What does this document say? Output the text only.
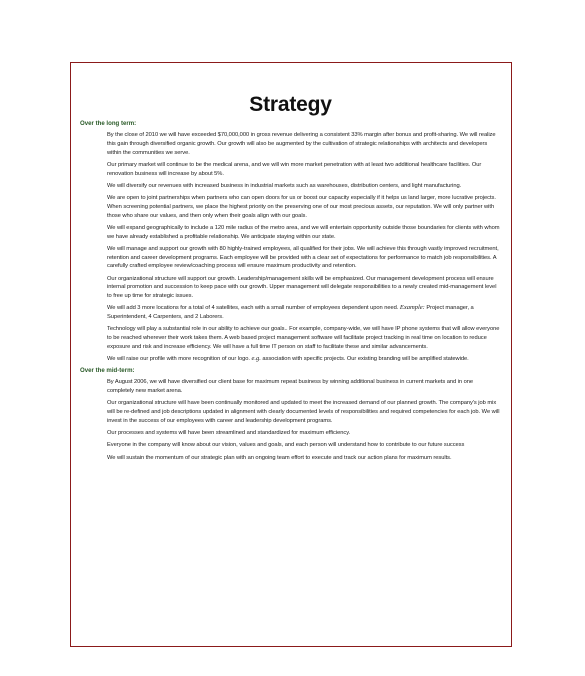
Strategy
Over the long term:

By the close of 2010 we will have exceeded $70,000,000 in gross revenue delivering a consistent 33% margin after bonus and profit-sharing. We will realize this gain through diversified organic growth. Our growth will also be augmented by the cultivation of strategic relationships with architects and developers within the communities we serve.

Our primary market will continue to be the medical arena, and we will win more market penetration with at least two additional healthcare facilities. Our renovation business will increase by about 5%.

We will diversify our revenues with increased business in industrial markets such as warehouses, distribution centers, and light manufacturing.

We are open to joint partnerships when partners who can open doors for us or boost our capacity especially if it helps us land larger, more lucrative projects. When screening potential partners, we place the highest priority on the preserving one of our most precious assets, our reputation. We will only partner with those who share our values, and then only when their goals align with our goals.

We will expand geographically to include a 120 mile radius of the metro area, and we will entertain opportunity outside those boundaries for clients with whom we have already established a profitable relationship. We anticipate staying within our state.

We will manage and support our growth with 80 highly-trained employees, all qualified for their jobs. We will achieve this through vastly improved recruitment, retention and career development programs. Each employee will be provided with a clear set of expectations for performance to match job responsibilities. A carefully crafted employee review/coaching process will ensure maximum productivity and retention.

Our organizational structure will support our growth. Leadership/management skills will be emphasized. Our management development process will ensure internal promotion and succession to keep pace with our growth. Upper management will delegate responsibilities to a newly created mid-management level to free up time for strategic issues.

We will add 3 more locations for a total of 4 satellites, each with a small number of employees dependent upon need. Example: Project manager, a Superintendent, 4 Carpenters, and 2 Laborers.

Technology will play a substantial role in our ability to achieve our goals.. For example, company-wide, we will have IP phone systems that will allow everyone to be reached wherever their work takes them. A web based project management software will facilitate project tracking in real time on location to reduce exposure and risk and increase efficiency. We will have a full time IT person on staff to facilitate these and similar advancements.

We will raise our profile with more recognition of our logo. e.g. association with specific projects. Our existing branding will be amplified statewide.

Over the mid-term:

By August 2006, we will have diversified our client base for maximum repeat business by winning additional business in current markets and in one completely new market arena.

Our organizational structure will have been continually monitored and updated to meet the increased demand of our planned growth. The company's job mix will be re-defined and job descriptions updated in alignment with clearly documented levels of responsibilities and required competencies for each job. We will invest in the success of our employees with career and leadership development programs.

Our processes and systems will have been streamlined and standardized for maximum efficiency.

Everyone in the company will know about our vision, values and goals, and each person will understand how to contribute to our future success

We will sustain the momentum of our strategic plan with an ongoing team effort to execute and track our action plans for maximum results.
